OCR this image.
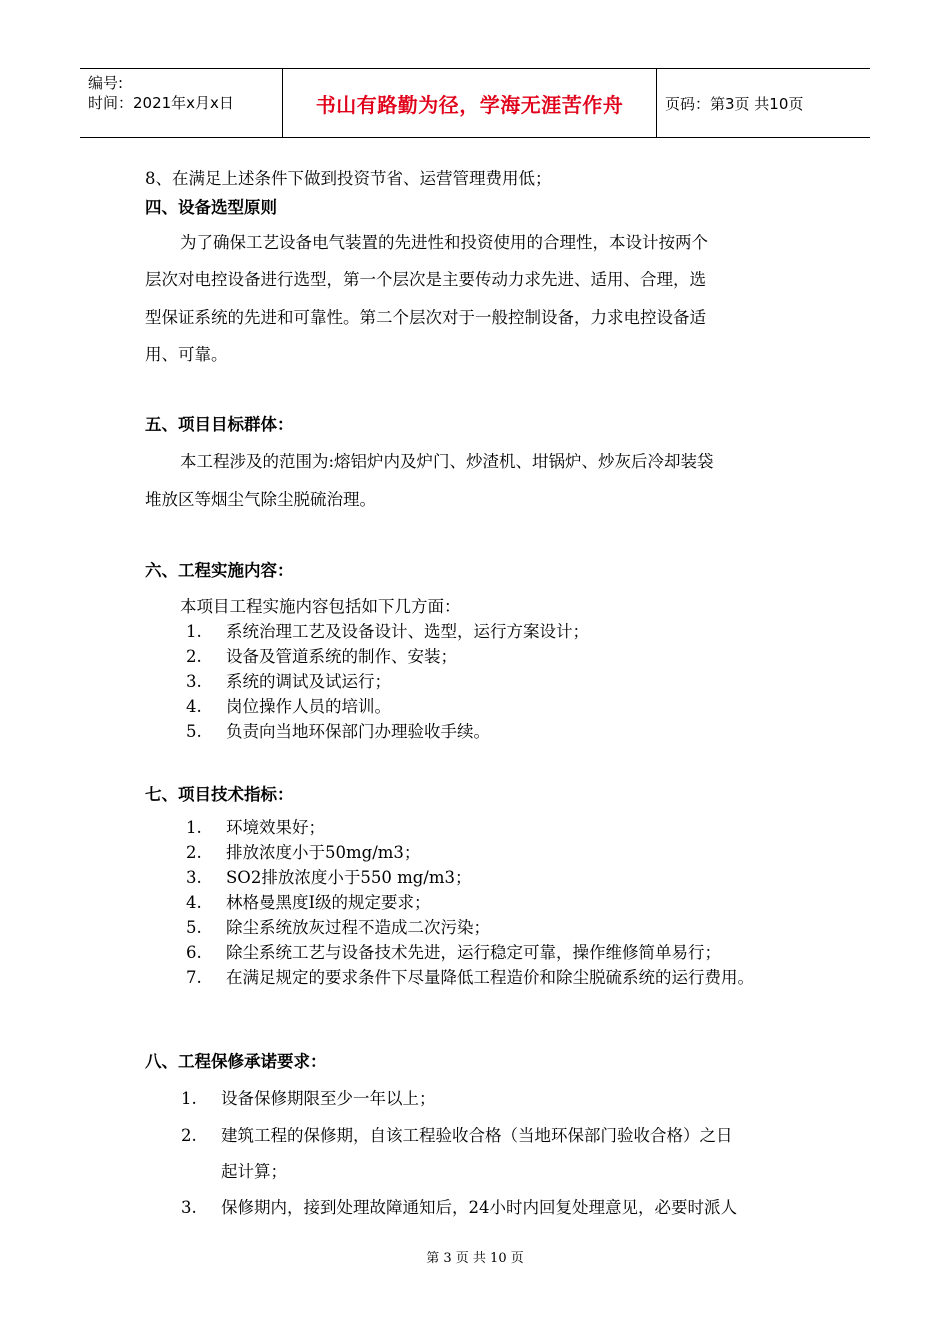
编号:
时间：2021年x月x日	书山有路勤为径，学海无涯苦作舟	页码：第3页 共10页
8、在满足上述条件下做到投资节省、运营管理费用低；
四、设备选型原则
为了确保工艺设备电气装置的先进性和投资使用的合理性，本设计按两个
层次对电控设备进行选型，第一个层次是主要传动力求先进、适用、合理，选
型保证系统的先进和可靠性。第二个层次对于一般控制设备，力求电控设备适
用、可靠。
五、项目目标群体：
本工程涉及的范围为:熔铝炉内及炉门、炒渣机、坩锅炉、炒灰后冷却装袋
堆放区等烟尘气除尘脱硫治理。
六、工程实施内容：
本项目工程实施内容包括如下几方面：
1. 系统治理工艺及设备设计、选型，运行方案设计；
2. 设备及管道系统的制作、安装；
3. 系统的调试及试运行；
4. 岗位操作人员的培训。
5. 负责向当地环保部门办理验收手续。
七、项目技术指标：
1. 环境效果好；
2. 排放浓度小于50mg/m3；
3. SO2排放浓度小于550 mg/m3；
4. 林格曼黑度Ⅰ级的规定要求；
5. 除尘系统放灰过程不造成二次污染；
6. 除尘系统工艺与设备技术先进，运行稳定可靠，操作维修简单易行；
7. 在满足规定的要求条件下尽量降低工程造价和除尘脱硫系统的运行费用。
八、工程保修承诺要求：
1. 设备保修期限至少一年以上；
2. 建筑工程的保修期，自该工程验收合格（当地环保部门验收合格）之日
起计算；
3. 保修期内，接到处理故障通知后，24小时内回复处理意见，必要时派人
第 3 页 共 10 页
